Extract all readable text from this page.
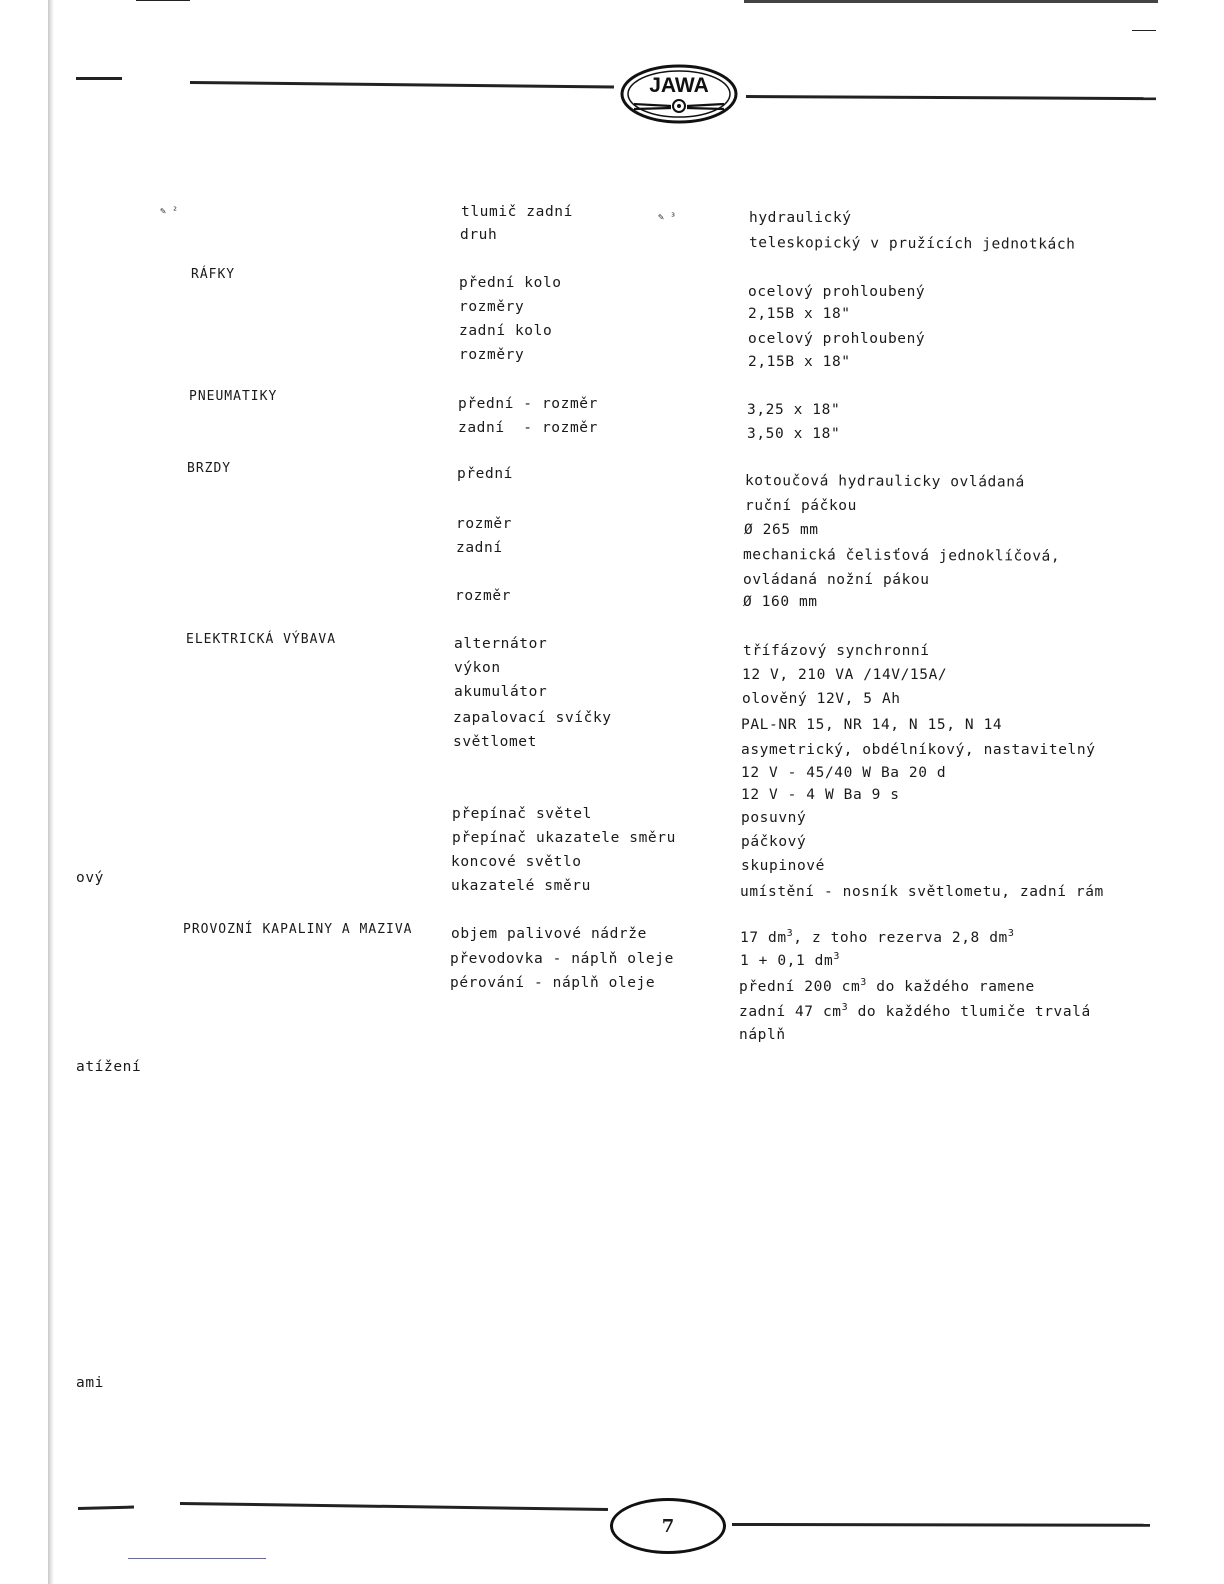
JAWA
✎ ²
✎ ³
ový
atížení
ami
RÁFKY
PNEUMATIKY
BRZDY
ELEKTRICKÁ VÝBAVA
PROVOZNÍ KAPALINY A MAZIVA
tlumič zadní
druh
přední kolo
rozměry
zadní kolo
rozměry
přední - rozměr
zadní  - rozměr
přední
rozměr
zadní
rozměr
alternátor
výkon
akumulátor
zapalovací svíčky
světlomet
přepínač světel
přepínač ukazatele směru
koncové světlo
ukazatelé směru
objem palivové nádrže
převodovka - náplň oleje
pérování - náplň oleje
hydraulický
teleskopický v pružících jednotkách
ocelový prohloubený
2,15B x 18"
ocelový prohloubený
2,15B x 18"
3,25 x 18"
3,50 x 18"
kotoučová hydraulicky ovládaná
ruční páčkou
Ø 265 mm
mechanická čelisťová jednoklíčová,
ovládaná nožní pákou
Ø 160 mm
třífázový synchronní
12 V, 210 VA /14V/15A/
olověný 12V, 5 Ah
PAL-NR 15, NR 14, N 15, N 14
asymetrický, obdélníkový, nastavitelný
12 V - 45/40 W Ba 20 d
12 V - 4 W Ba 9 s
posuvný
páčkový
skupinové
umístění - nosník světlometu, zadní rám
17 $dm^3$, z toho rezerva 2,8 $dm^3$
1 + 0,1 $dm^3$
přední 200 $cm^3$ do každého ramene
zadní 47 $cm^3$ do každého tlumiče trvalá
náplň
7
